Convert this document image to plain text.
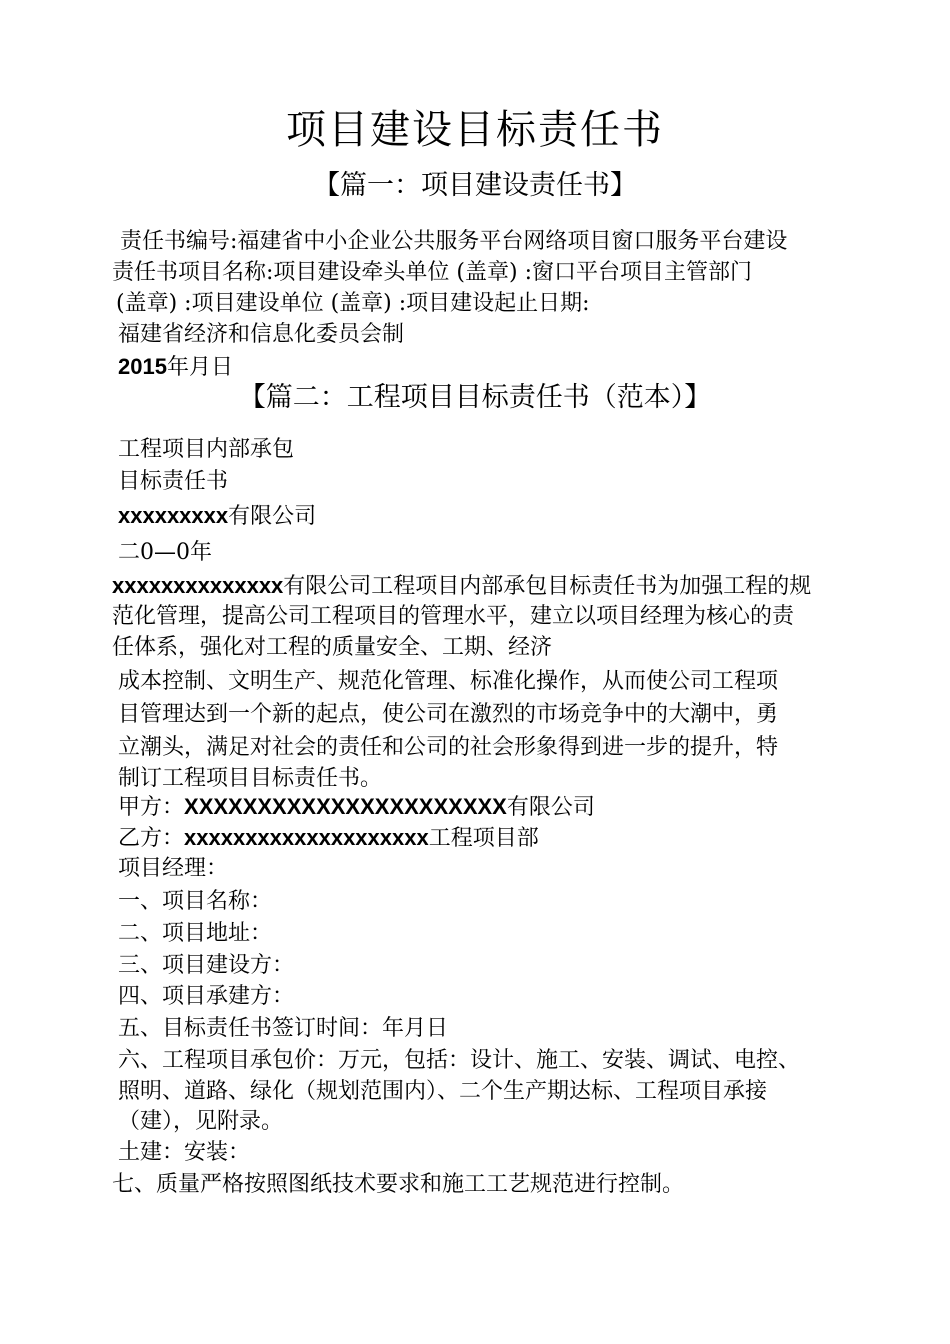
项目建设目标责任书
【篇一：项目建设责任书】
责任书编号:福建省中小企业公共服务平台网络项目窗口服务平台建设
责任书项目名称:项目建设牵头单位 (盖章) :窗口平台项目主管部门
(盖章) :项目建设单位 (盖章) :项目建设起止日期:
福建省经济和信息化委员会制
2015年月日
【篇二：工程项目目标责任书（范本）】
工程项目内部承包
目标责任书
xxxxxxxxx有限公司
二0—0年
xxxxxxxxxxxxxx有限公司工程项目内部承包目标责任书为加强工程的规
范化管理，提高公司工程项目的管理水平，建立以项目经理为核心的责
任体系，强化对工程的质量安全、工期、经济
成本控制、文明生产、规范化管理、标准化操作，从而使公司工程项
目管理达到一个新的起点，使公司在激烈的市场竞争中的大潮中，勇
立潮头，满足对社会的责任和公司的社会形象得到进一步的提升，特
制订工程项目目标责任书。
甲方：XXXXXXXXXXXXXXXXXXXXXX有限公司
乙方：xxxxxxxxxxxxxxxxxxxx工程项目部
项目经理：
一、项目名称：
二、项目地址：
三、项目建设方：
四、项目承建方：
五、目标责任书签订时间：年月日
六、工程项目承包价：万元，包括：设计、施工、安装、调试、电控、
照明、道路、绿化（规划范围内）、二个生产期达标、工程项目承接
（建），见附录。
土建：安装：
七、质量严格按照图纸技术要求和施工工艺规范进行控制。
